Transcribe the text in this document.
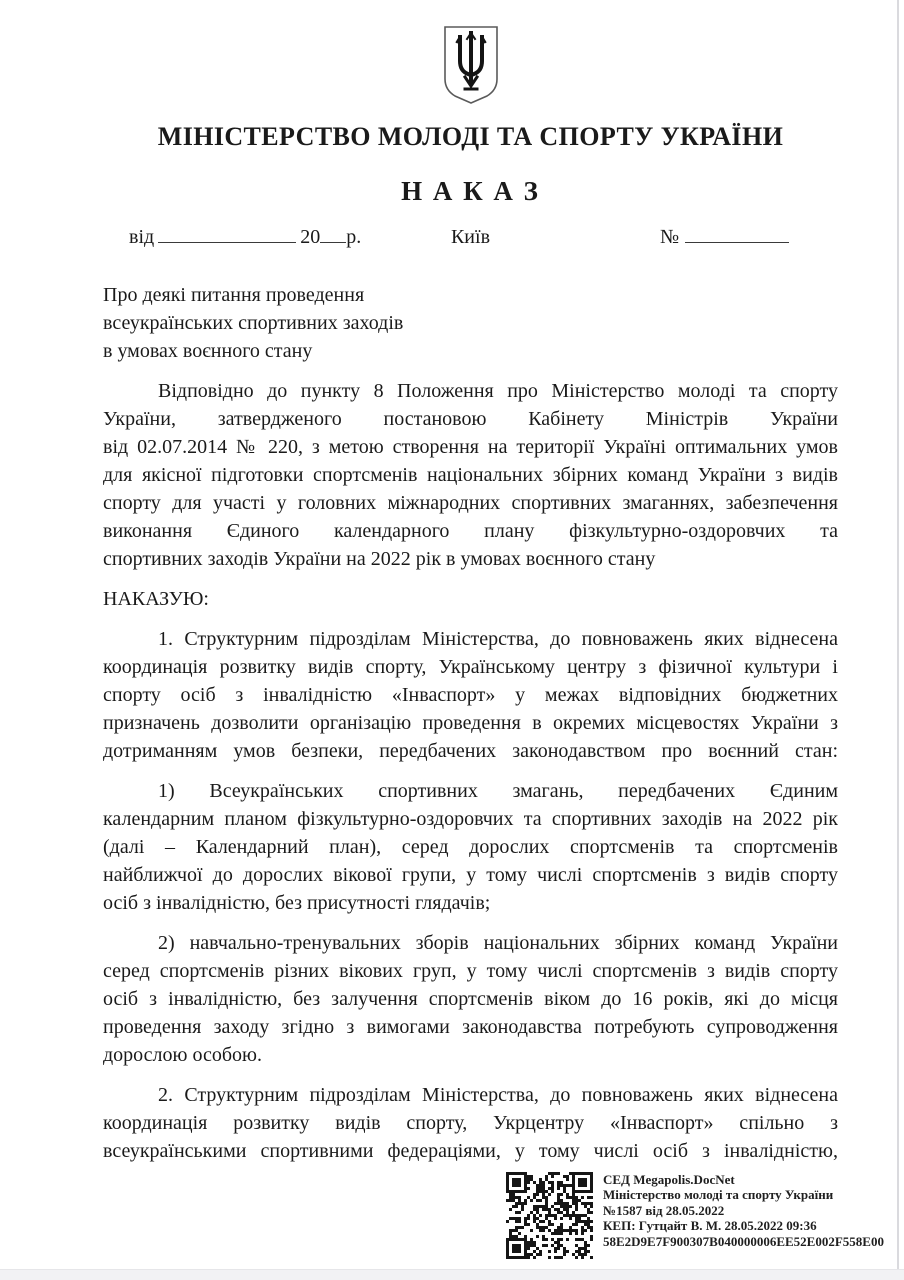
МІНІСТЕРСТВО МОЛОДІ ТА СПОРТУ УКРАЇНИ
Н А К А З
від	20 р.	Київ	№
Про деякі питання проведення
всеукраїнських спортивних заходів
в умовах воєнного стану
Відповідно до пункту 8 Положення про Міністерство молоді та спорту
України, затвердженого постановою Кабінету Міністрів України
від 02.07.2014 № 220, з метою створення на території Україні оптимальних умов
для якісної підготовки спортсменів національних збірних команд України з видів
спорту для участі у головних міжнародних спортивних змаганнях, забезпечення
виконання Єдиного календарного плану фізкультурно-оздоровчих та
спортивних заходів України на 2022 рік в умовах воєнного стану
НАКАЗУЮ:
1. Структурним підрозділам Міністерства, до повноважень яких віднесена
координація розвитку видів спорту, Українському центру з фізичної культури і
спорту осіб з інвалідністю «Інваспорт» у межах відповідних бюджетних
призначень дозволити організацію проведення в окремих місцевостях України з
дотриманням умов безпеки, передбачених законодавством про воєнний стан:
1) Всеукраїнських спортивних змагань, передбачених Єдиним
календарним планом фізкультурно-оздоровчих та спортивних заходів на 2022 рік
(далі – Календарний план), серед дорослих спортсменів та спортсменів
найближчої до дорослих вікової групи, у тому числі спортсменів з видів спорту
осіб з інвалідністю, без присутності глядачів;
2) навчально-тренувальних зборів національних збірних команд України
серед спортсменів різних вікових груп, у тому числі спортсменів з видів спорту
осіб з інвалідністю, без залучення спортсменів віком до 16 років, які до місця
проведення заходу згідно з вимогами законодавства потребують супроводження
дорослою особою.
2. Структурним підрозділам Міністерства, до повноважень яких віднесена
координація розвитку видів спорту, Укрцентру «Інваспорт» спільно з
всеукраїнськими спортивними федераціями, у тому числі осіб з інвалідністю,
СЕД Megapolis.DocNet
Міністерство молоді та спорту України
№1587 від 28.05.2022
КЕП: Гутцайт В. М. 28.05.2022 09:36
58E2D9E7F900307B040000006EE52E002F558E00
